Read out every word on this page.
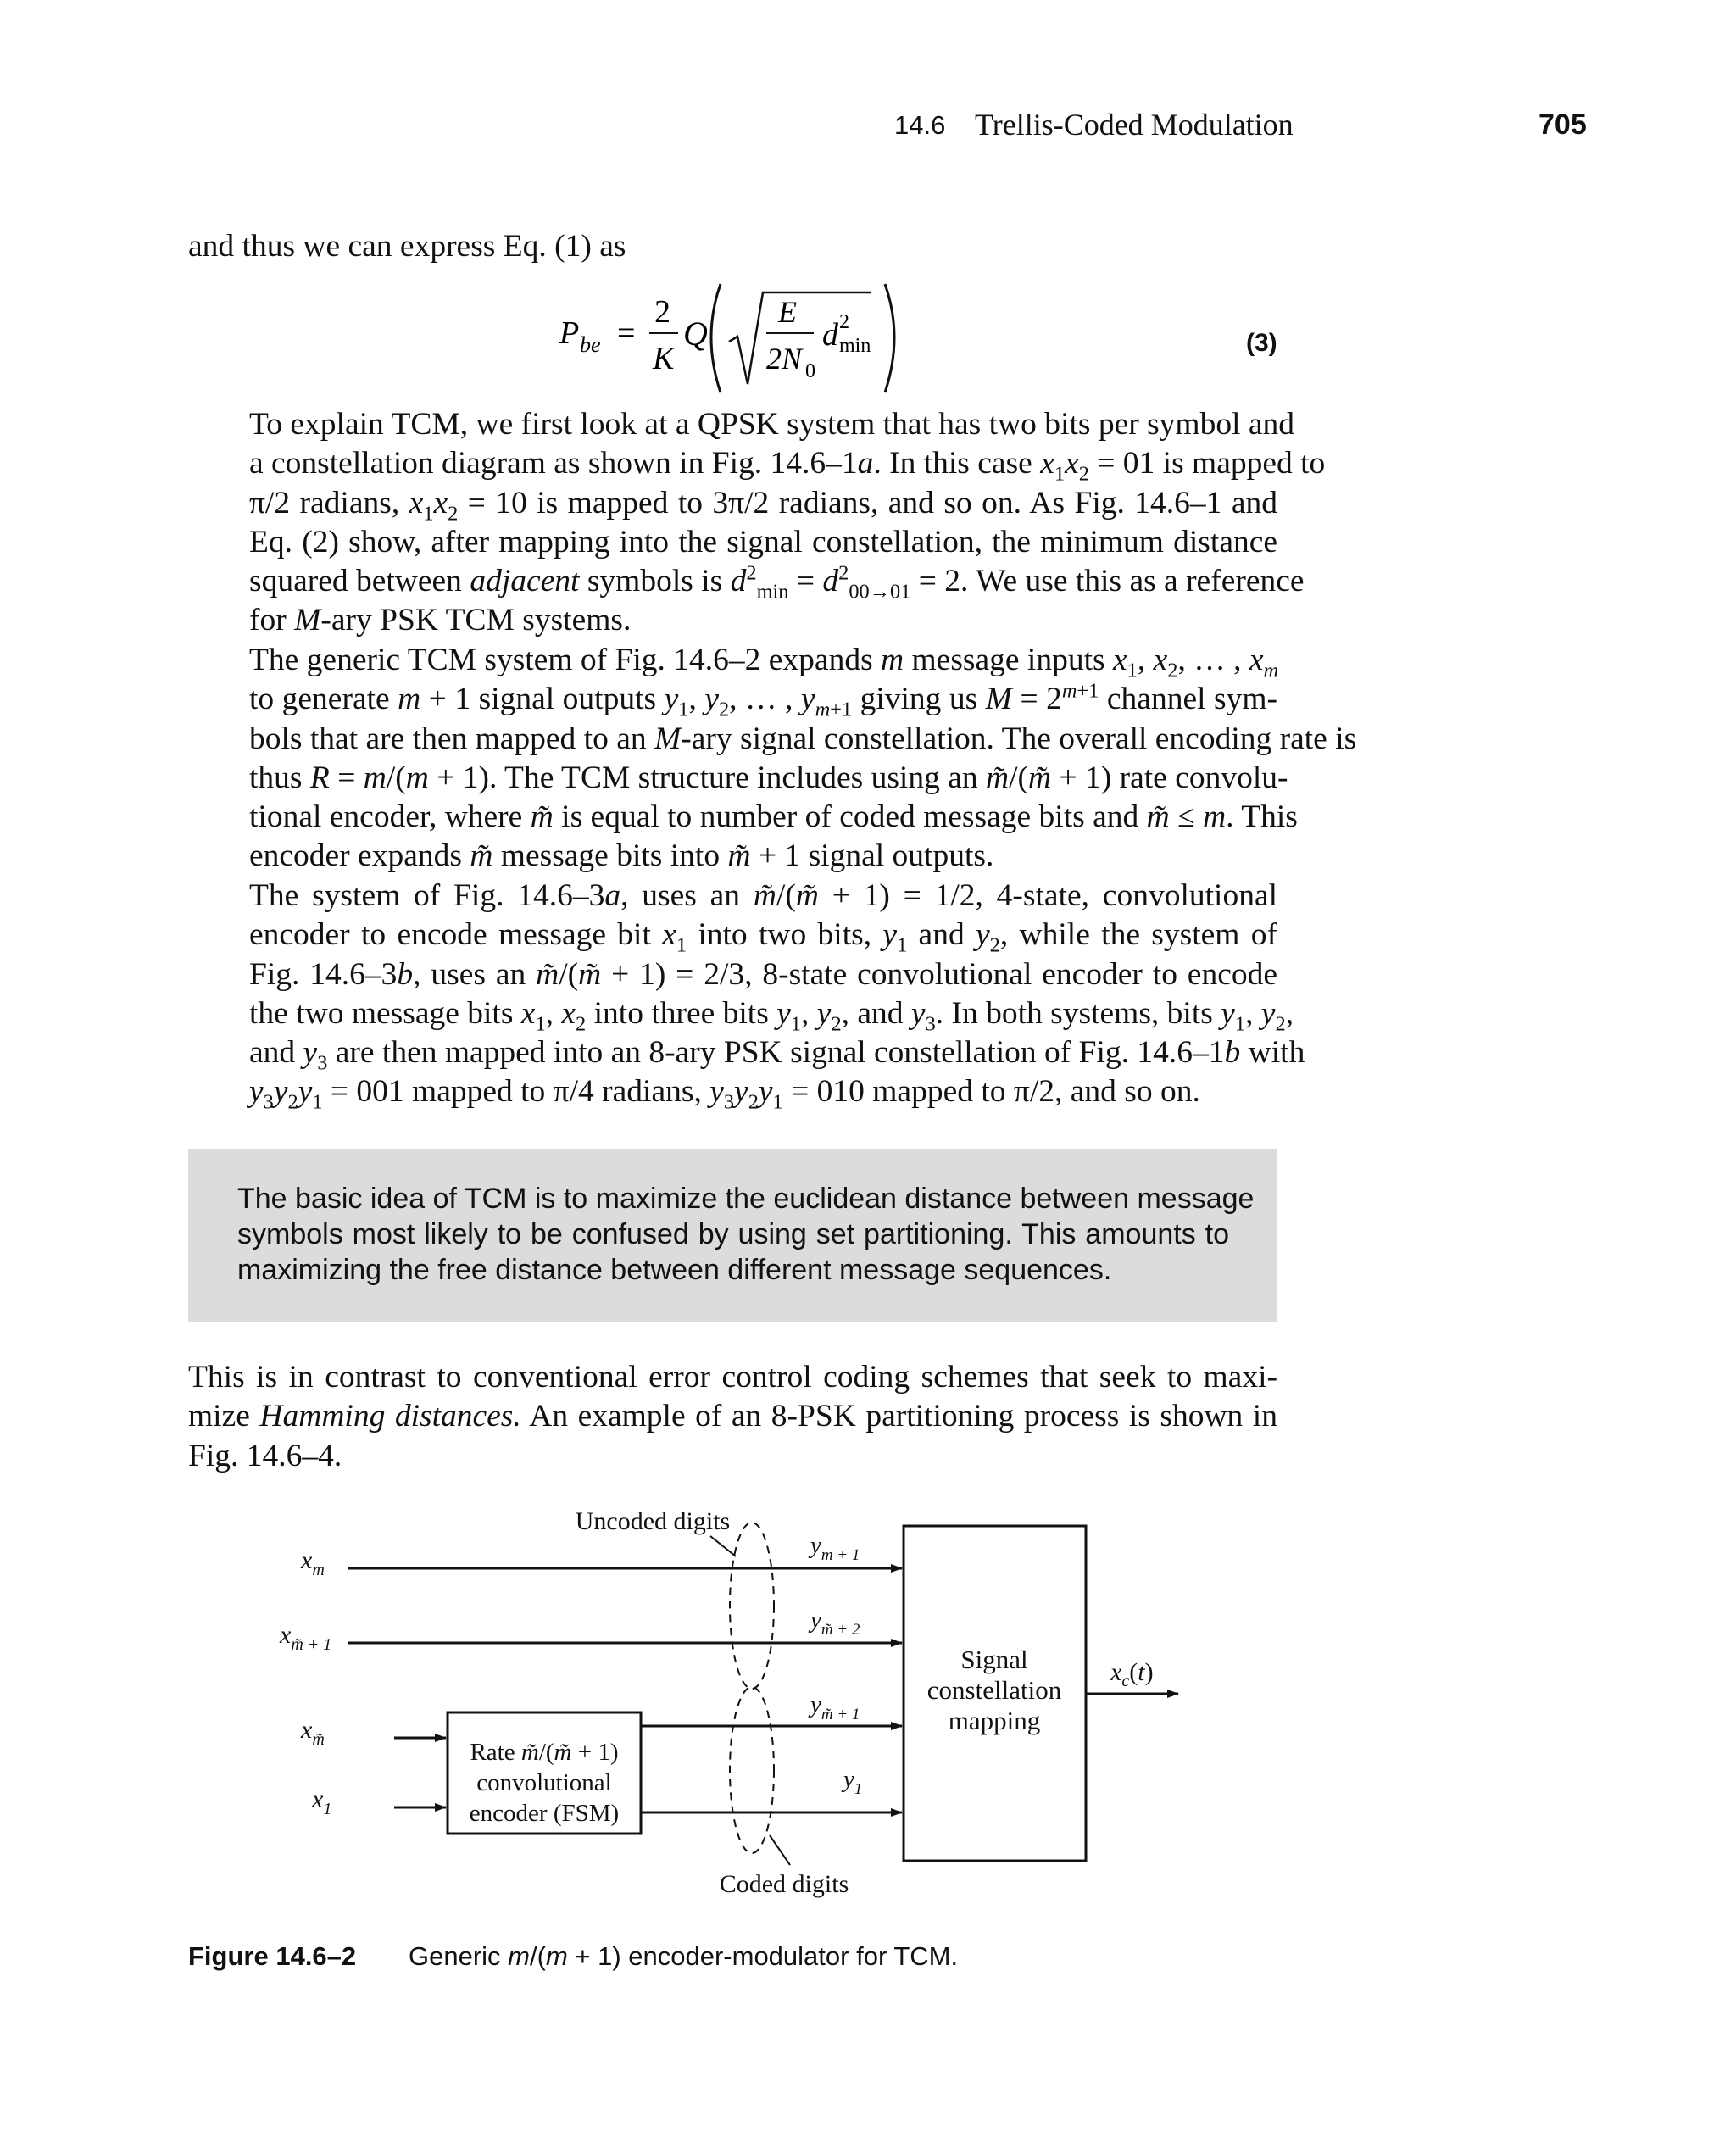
14.6 Trellis-Coded Modulation	705
and thus we can express Eq. (1) as
P be =
2
K
Q
E
2N 0
d 2
min	(3)
To explain TCM, we first look at a QPSK system that has two bits per symbol and
a constellation diagram as shown in Fig. 14.6–1a. In this case $x_1x_2 = 01$ is mapped to
π/2 radians, $x_1x_2 = 10$ is mapped to 3π/2 radians, and so on. As Fig. 14.6–1 and
Eq. (2) show, after mapping into the signal constellation, the minimum distance
squared between adjacent symbols is $d^2_{min} = d^2_{00\to 01} = 2$. We use this as a reference
for M-ary PSK TCM systems.
The generic TCM system of Fig. 14.6–2 expands m message inputs $x_1$, $x_2$, … , $x_m$
to generate m + 1 signal outputs $y_1$, $y_2$, … , $y_{m+1}$ giving us $M = 2^{m+1}$ channel sym-
bols that are then mapped to an M-ary signal constellation. The overall encoding rate is
thus R = m/(m + 1). The TCM structure includes using an m̃/(m̃ + 1) rate convolu-
tional encoder, where m̃ is equal to number of coded message bits and m̃ ≤ m. This
encoder expands m̃ message bits into m̃ + 1 signal outputs.
The system of Fig. 14.6–3a, uses an m̃/(m̃ + 1) = 1/2, 4-state, convolutional
encoder to encode message bit $x_1$ into two bits, $y_1$ and $y_2$, while the system of
Fig. 14.6–3b, uses an m̃/(m̃ + 1) = 2/3, 8-state convolutional encoder to encode
the two message bits $x_1$, $x_2$ into three bits $y_1$, $y_2$, and $y_3$. In both systems, bits $y_1$, $y_2$,
and $y_3$ are then mapped into an 8-ary PSK signal constellation of Fig. 14.6–1b with
$y_3y_2y_1 = 001$ mapped to π/4 radians, $y_3y_2y_1 = 010$ mapped to π/2, and so on.
The basic idea of TCM is to maximize the euclidean distance between message
symbols most likely to be confused by using set partitioning. This amounts to
maximizing the free distance between different message sequences.
This is in contrast to conventional error control coding schemes that seek to maxi-
mize Hamming distances. An example of an 8-PSK partitioning process is shown in
Fig. 14.6–4.
$x_m$
$x_{m̃ + 1}$
$x_{m̃}$
$x_1$
Rate m̃/(m̃ + 1)
convolutional
encoder (FSM)
$y_{m + 1}$
$y_{m̃ + 2}$
$y_{m̃ + 1}$
$y_1$
Uncoded digits
Coded digits
Signal
constellation
mapping
$x_c(t)$
Figure 14.6–2 Generic m/(m + 1) encoder-modulator for TCM.
